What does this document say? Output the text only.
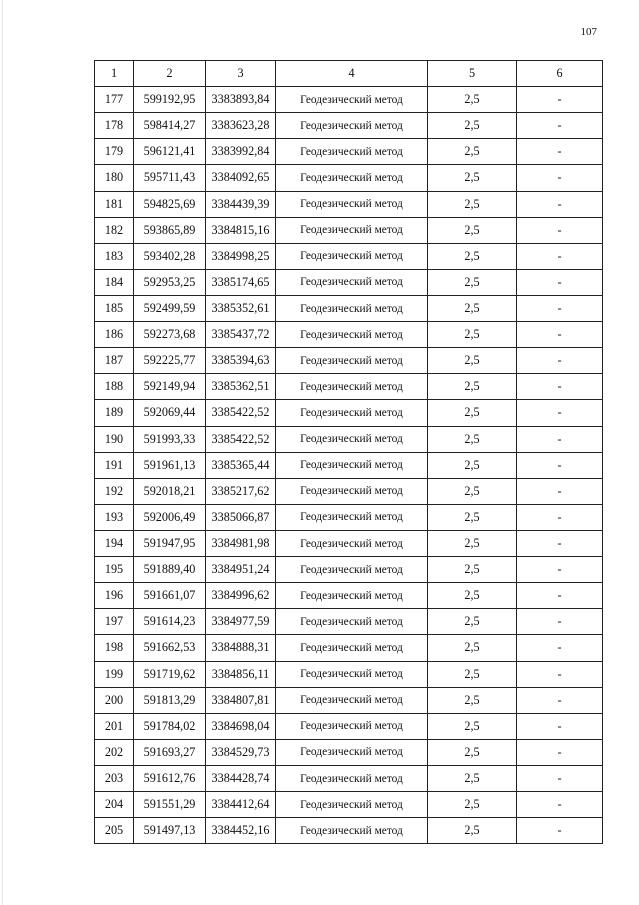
107
1	2	3	4	5	6
177	599192,95	3383893,84	Геодезический метод	2,5	-
178	598414,27	3383623,28	Геодезический метод	2,5	-
179	596121,41	3383992,84	Геодезический метод	2,5	-
180	595711,43	3384092,65	Геодезический метод	2,5	-
181	594825,69	3384439,39	Геодезический метод	2,5	-
182	593865,89	3384815,16	Геодезический метод	2,5	-
183	593402,28	3384998,25	Геодезический метод	2,5	-
184	592953,25	3385174,65	Геодезический метод	2,5	-
185	592499,59	3385352,61	Геодезический метод	2,5	-
186	592273,68	3385437,72	Геодезический метод	2,5	-
187	592225,77	3385394,63	Геодезический метод	2,5	-
188	592149,94	3385362,51	Геодезический метод	2,5	-
189	592069,44	3385422,52	Геодезический метод	2,5	-
190	591993,33	3385422,52	Геодезический метод	2,5	-
191	591961,13	3385365,44	Геодезический метод	2,5	-
192	592018,21	3385217,62	Геодезический метод	2,5	-
193	592006,49	3385066,87	Геодезический метод	2,5	-
194	591947,95	3384981,98	Геодезический метод	2,5	-
195	591889,40	3384951,24	Геодезический метод	2,5	-
196	591661,07	3384996,62	Геодезический метод	2,5	-
197	591614,23	3384977,59	Геодезический метод	2,5	-
198	591662,53	3384888,31	Геодезический метод	2,5	-
199	591719,62	3384856,11	Геодезический метод	2,5	-
200	591813,29	3384807,81	Геодезический метод	2,5	-
201	591784,02	3384698,04	Геодезический метод	2,5	-
202	591693,27	3384529,73	Геодезический метод	2,5	-
203	591612,76	3384428,74	Геодезический метод	2,5	-
204	591551,29	3384412,64	Геодезический метод	2,5	-
205	591497,13	3384452,16	Геодезический метод	2,5	-
